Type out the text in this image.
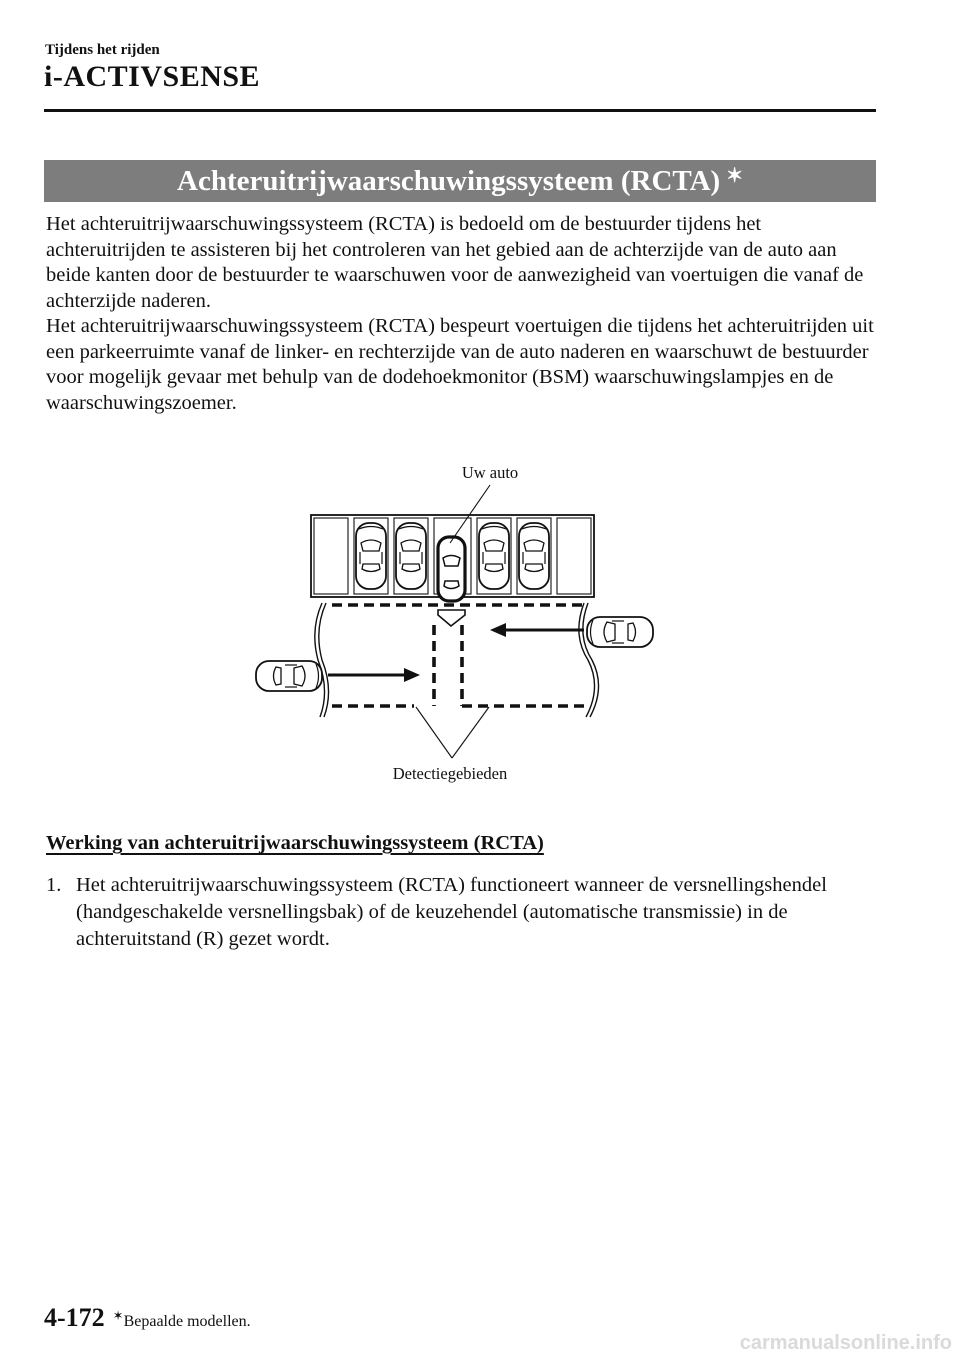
Tijdens het rijden
i-ACTIVSENSE
Achteruitrijwaarschuwingssysteem (RCTA) ✶

Het achteruitrijwaarschuwingssysteem (RCTA) is bedoeld om de bestuurder tijdens het achteruitrijden te assisteren bij het controleren van het gebied aan de achterzijde van de auto aan beide kanten door de bestuurder te waarschuwen voor de aanwezigheid van voertuigen die vanaf de achterzijde naderen.

Het achteruitrijwaarschuwingssysteem (RCTA) bespeurt voertuigen die tijdens het achteruitrijden uit een parkeerruimte vanaf de linker- en rechterzijde van de auto naderen en waarschuwt de bestuurder voor mogelijk gevaar met behulp van de dodehoekmonitor (BSM) waarschuwingslampjes en de waarschuwingszoemer.

Uw auto
Detectiegebieden
Werking van achteruitrijwaarschuwingssysteem (RCTA)
1. Het achteruitrijwaarschuwingssysteem (RCTA) functioneert wanneer de versnellingshendel (handgeschakelde versnellingsbak) of de keuzehendel (automatische transmissie) in de achteruitstand (R) gezet wordt.

4-172 ✶Bepaalde modellen.
carmanualsonline.info
